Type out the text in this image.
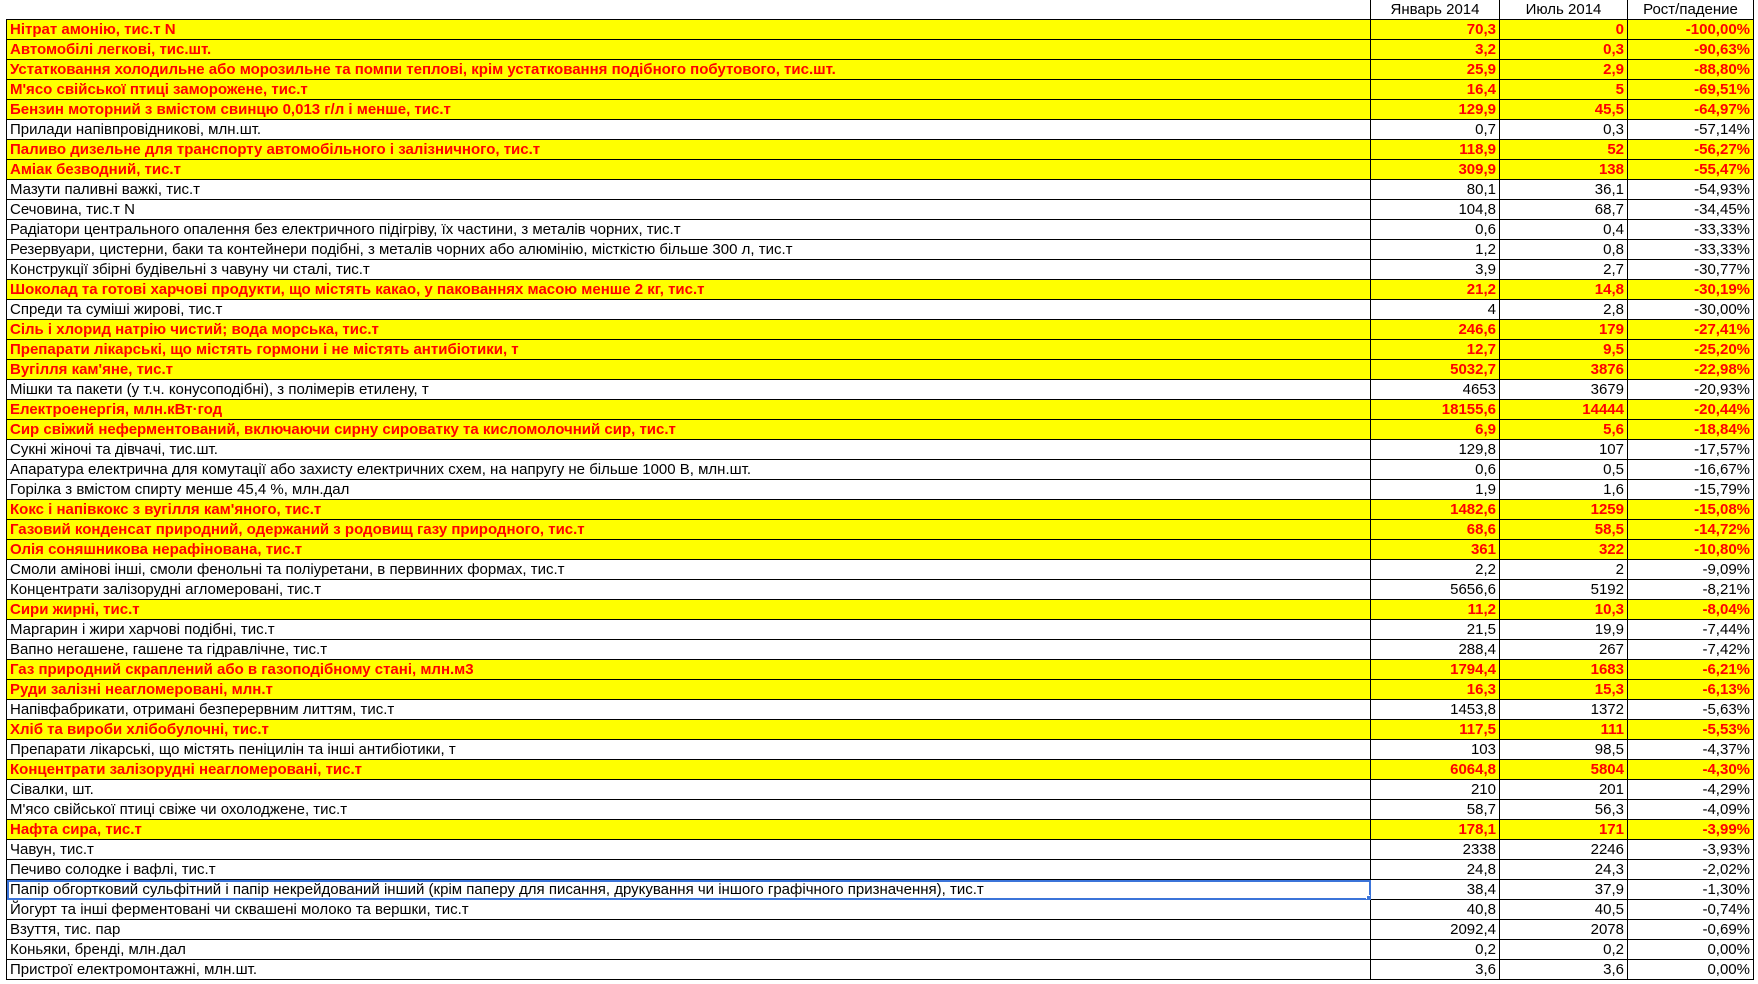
	Январь 2014	Июль 2014	Рост/падение
Нітрат амонію, тис.т N	70,3	0	-100,00%
Автомобілі легкові, тис.шт.	3,2	0,3	-90,63%
Устатковання холодильне або морозильне та помпи теплові, крім устатковання подібного побутового, тис.шт.	25,9	2,9	-88,80%
М'ясо свійської птиці заморожене, тис.т	16,4	5	-69,51%
Бензин моторний з вмістом свинцю 0,013 г/л і менше, тис.т	129,9	45,5	-64,97%
Прилади напівпровідникові, млн.шт.	0,7	0,3	-57,14%
Паливо дизельне для транспорту автомобільного і залізничного, тис.т	118,9	52	-56,27%
Аміак безводний, тис.т	309,9	138	-55,47%
Мазути паливні важкі, тис.т	80,1	36,1	-54,93%
Сечовина, тис.т N	104,8	68,7	-34,45%
Радіатори центрального опалення без електричного підігріву, їх частини, з металів чорних, тис.т	0,6	0,4	-33,33%
Резервуари, цистерни, баки та контейнери подібні, з металів чорних або алюмінію, місткістю більше 300 л, тис.т	1,2	0,8	-33,33%
Конструкції збірні будівельні з чавуну чи сталі, тис.т	3,9	2,7	-30,77%
Шоколад та готові харчові продукти, що містять какао, у пакованнях масою менше 2 кг, тис.т	21,2	14,8	-30,19%
Спреди та суміші жирові, тис.т	4	2,8	-30,00%
Сіль і хлорид натрію чистий; вода морська, тис.т	246,6	179	-27,41%
Препарати лікарські, що містять гормони і не містять антибіотики, т	12,7	9,5	-25,20%
Вугілля кам'яне, тис.т	5032,7	3876	-22,98%
Мішки та пакети (у т.ч. конусоподібні), з полімерів етилену, т	4653	3679	-20,93%
Електроенергія, млн.кВт·год	18155,6	14444	-20,44%
Сир свіжий неферментований, включаючи сирну сироватку та кисломолочний сир, тис.т	6,9	5,6	-18,84%
Сукні жіночі та дівчачі, тис.шт.	129,8	107	-17,57%
Апаратура електрична для комутації або захисту електричних схем, на напругу не більше 1000 В, млн.шт.	0,6	0,5	-16,67%
Горілка з вмістом спирту менше 45,4 %, млн.дал	1,9	1,6	-15,79%
Кокс і напівкокс з вугілля кам'яного, тис.т	1482,6	1259	-15,08%
Газовий конденсат природний, одержаний з родовищ газу природного, тис.т	68,6	58,5	-14,72%
Олія соняшникова нерафінована, тис.т	361	322	-10,80%
Смоли амінові інші, смоли фенольні та поліуретани, в первинних формах, тис.т	2,2	2	-9,09%
Концентрати залізорудні агломеровані, тис.т	5656,6	5192	-8,21%
Сири жирні, тис.т	11,2	10,3	-8,04%
Маргарин і жири харчові подібні, тис.т	21,5	19,9	-7,44%
Вапно негашене, гашене та гідравлічне, тис.т	288,4	267	-7,42%
Газ природний скраплений або в газоподібному стані, млн.м3	1794,4	1683	-6,21%
Руди залізні неагломеровані, млн.т	16,3	15,3	-6,13%
Напівфабрикати, отримані безперервним литтям, тис.т	1453,8	1372	-5,63%
Хліб та вироби хлібобулочні, тис.т	117,5	111	-5,53%
Препарати лікарські, що містять пеніцилін та інші антибіотики, т	103	98,5	-4,37%
Концентрати залізорудні неагломеровані, тис.т	6064,8	5804	-4,30%
Сівалки, шт.	210	201	-4,29%
М'ясо свійської птиці свіже чи охолоджене, тис.т	58,7	56,3	-4,09%
Нафта сира, тис.т	178,1	171	-3,99%
Чавун, тис.т	2338	2246	-3,93%
Печиво солодке і вафлі, тис.т	24,8	24,3	-2,02%
Папір обгортковий сульфітний і папір некрейдований інший (крім паперу для писання, друкування чи іншого графічного призначення), тис.т	38,4	37,9	-1,30%
Йогурт та інші ферментовані чи сквашені молоко та вершки, тис.т	40,8	40,5	-0,74%
Взуття, тис. пар	2092,4	2078	-0,69%
Коньяки, бренді, млн.дал	0,2	0,2	0,00%
Пристрої електромонтажні, млн.шт.	3,6	3,6	0,00%
